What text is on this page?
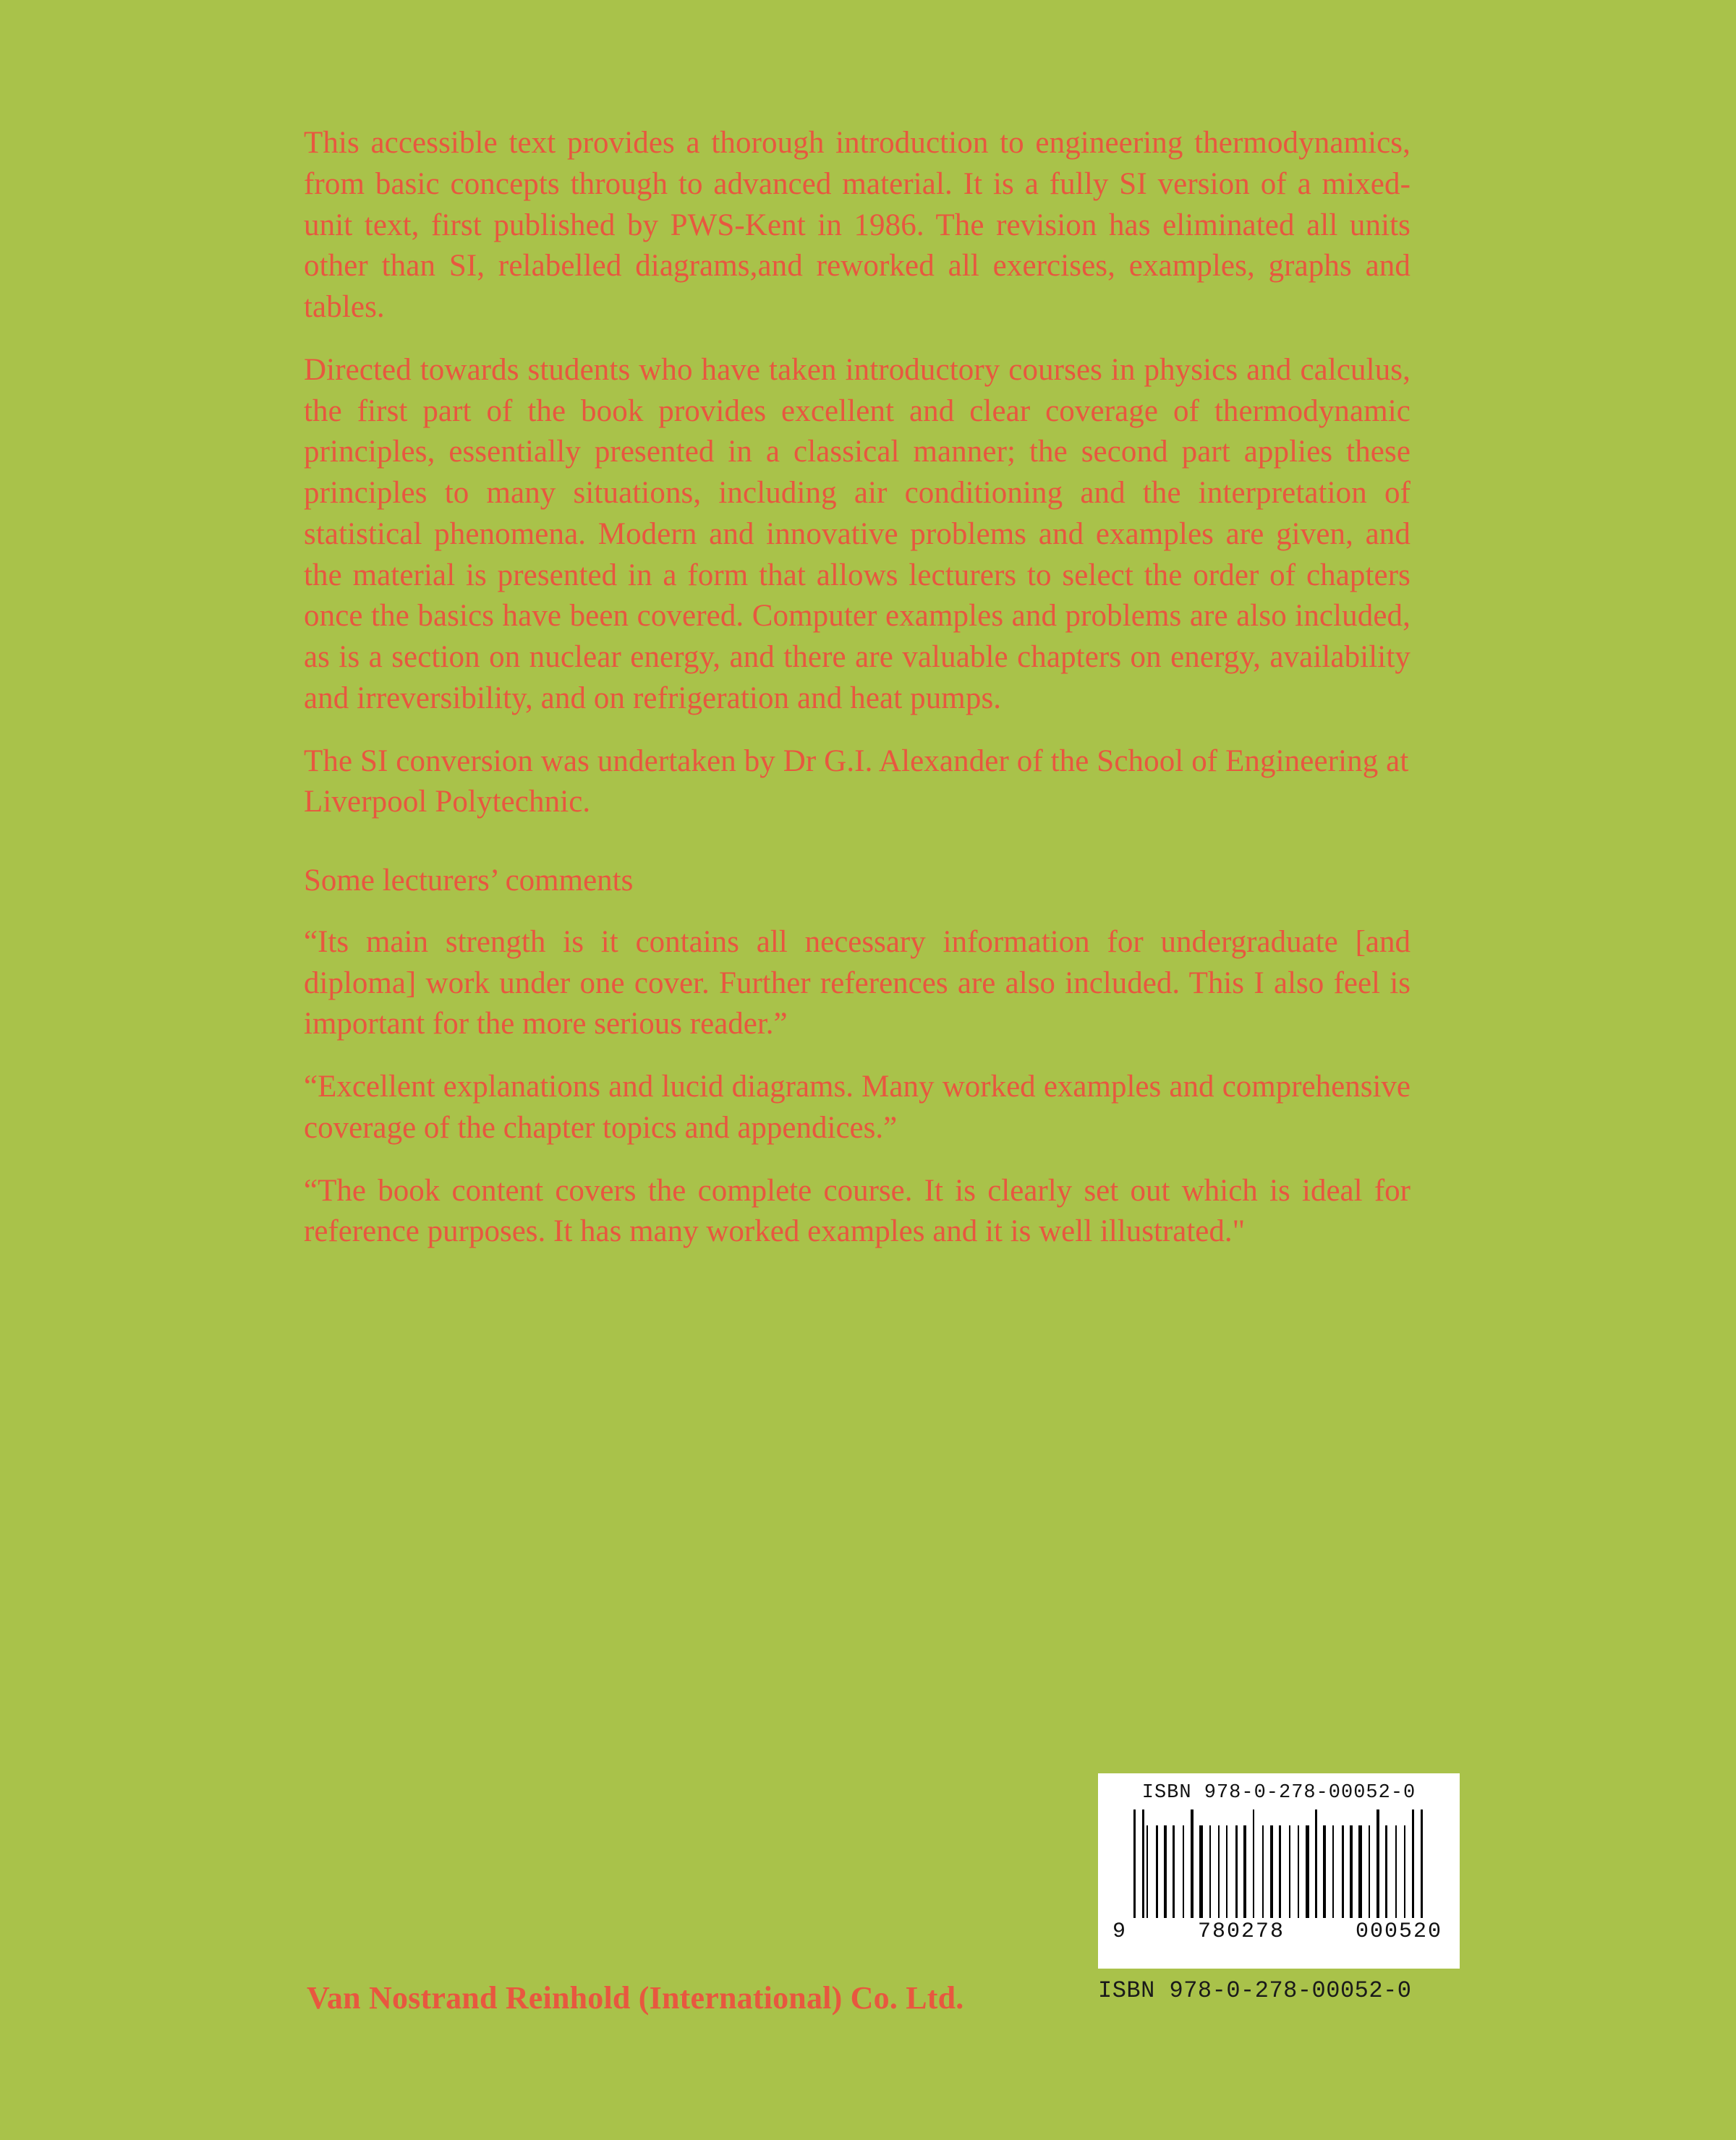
This accessible text provides a thorough introduction to engineering thermodynamics, from basic concepts through to advanced material. It is a fully SI version of a mixed-unit text, first published by PWS-Kent in 1986. The revision has eliminated all units other than SI, relabelled diagrams,and reworked all exercises, examples, graphs and tables.

Directed towards students who have taken introductory courses in physics and calculus, the first part of the book provides excellent and clear coverage of thermodynamic principles, essentially presented in a classical manner; the second part applies these principles to many situations, including air conditioning and the interpretation of statistical phenomena. Modern and innovative problems and examples are given, and the material is presented in a form that allows lecturers to select the order of chapters once the basics have been covered. Computer examples and problems are also included, as is a section on nuclear energy, and there are valuable chapters on energy, availability and irreversibility, and on refrigeration and heat pumps.

The SI conversion was undertaken by Dr G.I. Alexander of the School of Engineering at Liverpool Polytechnic.

Some lecturers’ comments

“Its main strength is it contains all necessary information for undergraduate [and diploma] work under one cover. Further references are also included. This I also feel is important for the more serious reader.”

“Excellent explanations and lucid diagrams. Many worked examples and comprehensive coverage of the chapter topics and appendices.”

“The book content covers the complete course. It is clearly set out which is ideal for reference purposes. It has many worked examples and it is well illustrated."

Van Nostrand Reinhold (International) Co. Ltd.
ISBN 978-0-278-00052-0
9	780278	000520
ISBN 978-0-278-00052-0
